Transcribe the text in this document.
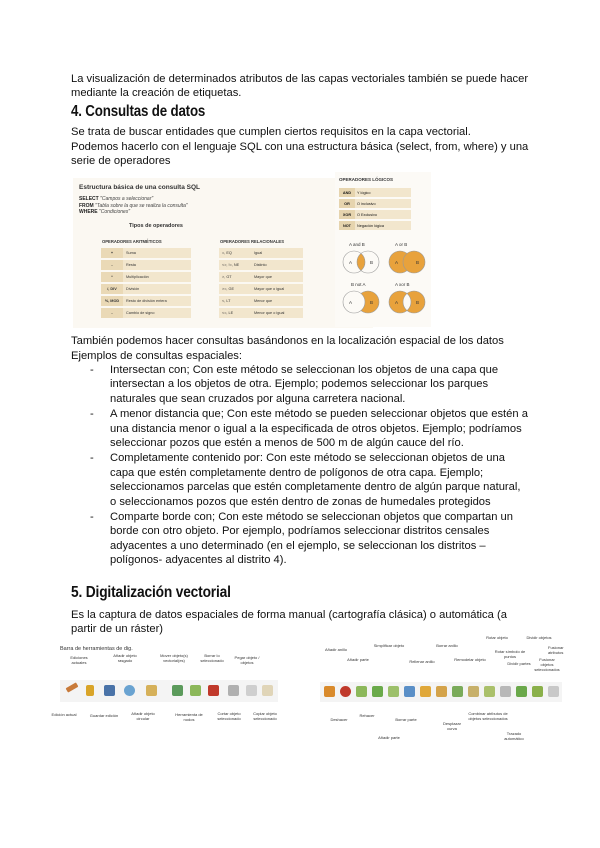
La visualización de determinados atributos de las capas vectoriales también se puede hacer mediante la creación de etiquetas.

4. Consultas de datos

Se trata de buscar entidades que cumplen ciertos requisitos en la capa vectorial.

Podemos hacerlo con el lenguaje SQL con una estructura básica (select, from, where) y una serie de operadores

Estructura básica de una consulta SQL
SELECT "Campos a seleccionar"
FROM "Tabla sobre la que se realiza la consulta"
WHERE "Condiciones"
Tipos de operadores
OPERADORES ARITMÉTICOS	
+	Suma
-	Resta
*	Multiplicación
/, DIV	División
%, MOD	Resto de división entera
-	Cambio de signo
OPERADORES RELACIONALES	
=, EQ	Igual
<>, !=, NE	Distinto
>, GT	Mayor que
>=, GE	Mayor que o igual
<, LT	Menor que
<=, LE	Menor que o igual
OPERADORES LÓGICOS
AND	Y lógico
OR	O inclusivo
XOR	O Exclusivo
NOT	Negación lógica
A and B
A	B
A or B
A	B
B not A
A	B
A xor B
A	B

También podemos hacer consultas basándonos en la localización espacial de los datos

Ejemplos de consultas espaciales:

- Intersectan con; Con este método se seleccionan los objetos de una capa que intersectan a los objetos de otra. Ejemplo; podemos seleccionar los parques naturales que sean cruzados por alguna carretera nacional.
- A menor distancia que; Con este método se pueden seleccionar objetos que estén a una distancia menor o igual a la especificada de otros objetos. Ejemplo; podríamos seleccionar pozos que estén a menos de 500 m de algún cauce del río.
- Completamente contenido por: Con este método se seleccionan objetos de una capa que estén completamente dentro de polígonos de otra capa. Ejemplo; seleccionamos parcelas que estén completamente dentro de algún parque natural, o seleccionamos pozos que estén dentro de zonas de humedales protegidos
- Comparte borde con; Con este método se seleccionan objetos que compartan un borde con otro objeto. Por ejemplo, podríamos seleccionar distritos censales adyacentes a uno determinado (en el ejemplo, se seleccionan los distritos – polígonos- adyacentes al distrito 4).
5. Digitalización vectorial

Es la captura de datos espaciales de forma manual (cartografía clásica) o automática (a partir de un ráster)

Barra de herramientas de dig.
Ediciones actuales
Añadir objeto rasgado
Mover objeto(s) vectorial(es)
Borrar lo seleccionado
Pegar objeto / objetos
Edición actual	Guardar edición	Añadir objeto circular
Herramienta de nodos
Cortar objeto seleccionado
Copiar objeto seleccionado
Añadir anillo
Añadir parte
Simplificar objeto
Rellenar anillo
Borrar anillo
Remodelar objeto
Rotar objeto
Rotar símbolo de puntos
Dividir objetos
Dividir partes
Fusionar objetos seleccionados
Fusionar atributos
Deshacer
Rehacer
Añadir parte
Borrar parte
Desplazar curva
Combinar atributos de objetos seleccionados
Trazado automático
